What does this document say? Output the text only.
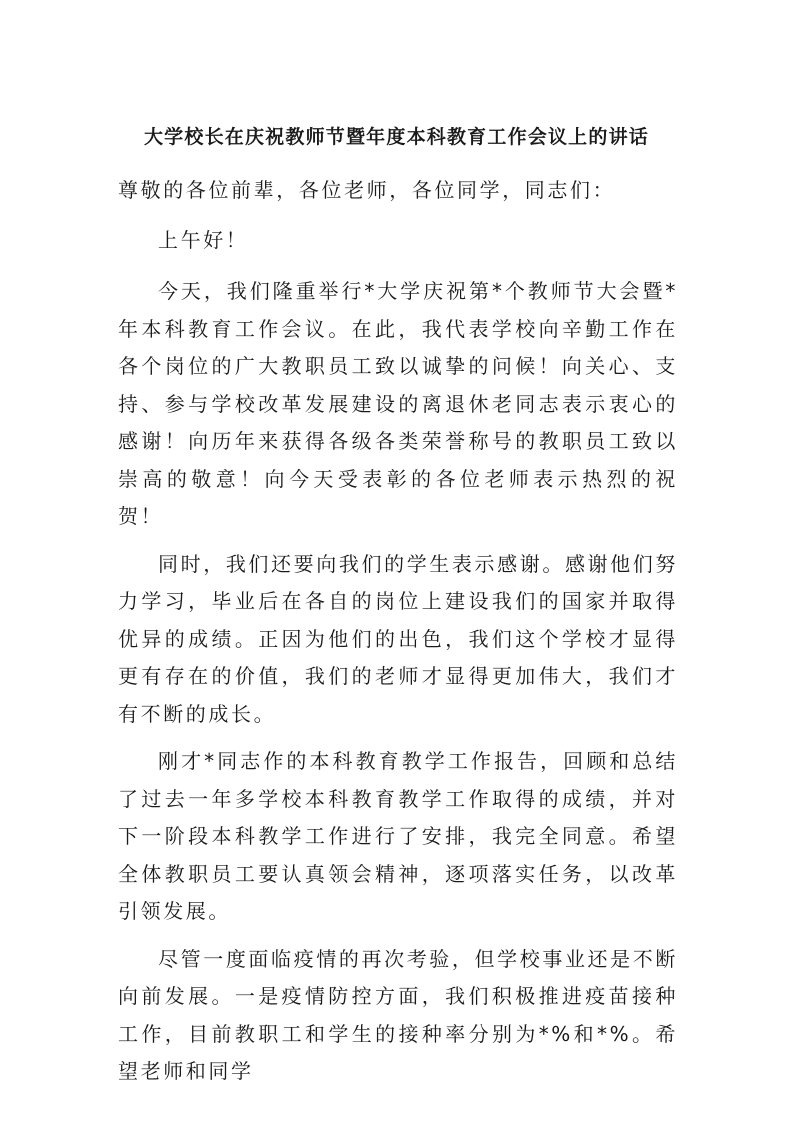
大学校长在庆祝教师节暨年度本科教育工作会议上的讲话

尊敬的各位前辈，各位老师，各位同学，同志们：

上午好！

今天，我们隆重举行*大学庆祝第*个教师节大会暨*年本科教育工作会议。在此，我代表学校向辛勤工作在各个岗位的广大教职员工致以诚挚的问候！向关心、支持、参与学校改革发展建设的离退休老同志表示衷心的感谢！向历年来获得各级各类荣誉称号的教职员工致以崇高的敬意！向今天受表彰的各位老师表示热烈的祝贺！

同时，我们还要向我们的学生表示感谢。感谢他们努力学习，毕业后在各自的岗位上建设我们的国家并取得优异的成绩。正因为他们的出色，我们这个学校才显得更有存在的价值，我们的老师才显得更加伟大，我们才有不断的成长。

刚才*同志作的本科教育教学工作报告，回顾和总结了过去一年多学校本科教育教学工作取得的成绩，并对下一阶段本科教学工作进行了安排，我完全同意。希望全体教职员工要认真领会精神，逐项落实任务，以改革引领发展。

尽管一度面临疫情的再次考验，但学校事业还是不断向前发展。一是疫情防控方面，我们积极推进疫苗接种工作，目前教职工和学生的接种率分别为*%和*%。希望老师和同学
